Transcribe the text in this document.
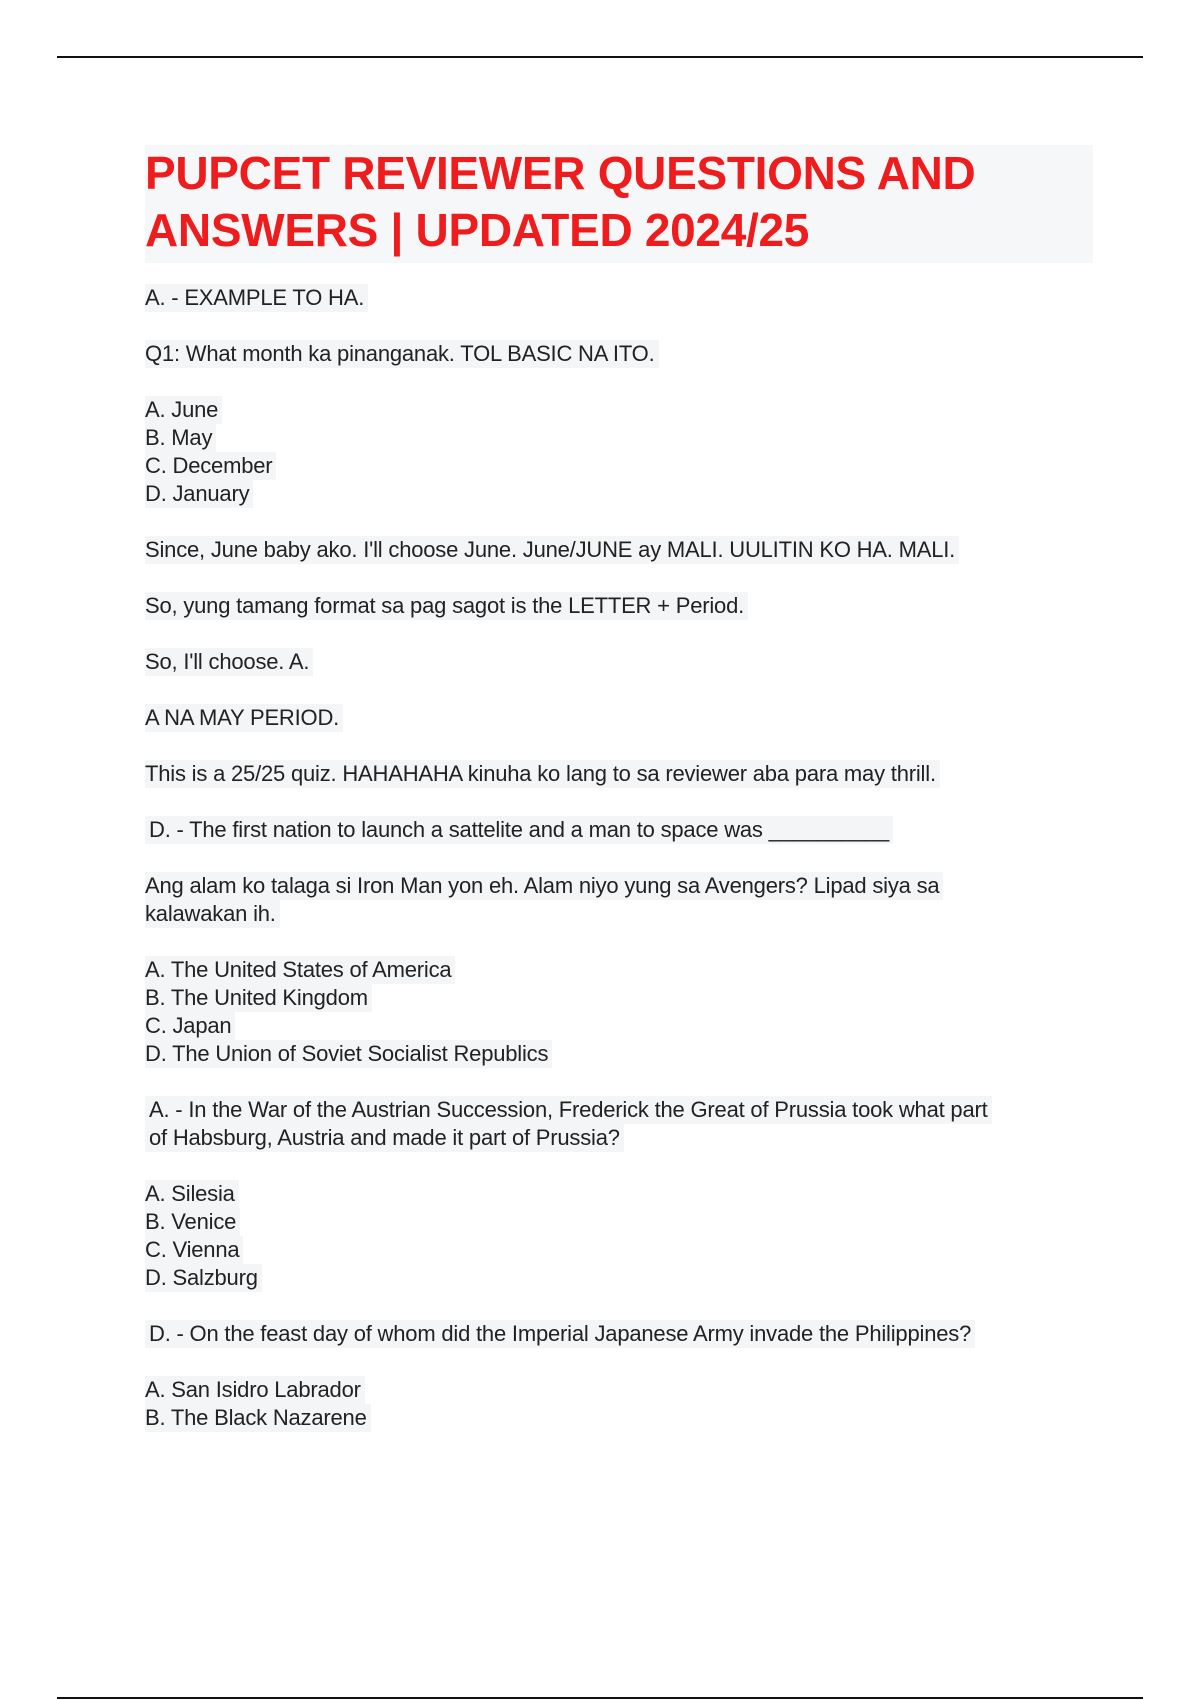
PUPCET REVIEWER QUESTIONS AND
ANSWERS | UPDATED 2024/25

A. - EXAMPLE TO HA.

Q1: What month ka pinanganak. TOL BASIC NA ITO.

A. June
B. May
C. December
D. January

Since, June baby ako. I'll choose June. June/JUNE ay MALI. UULITIN KO HA. MALI.

So, yung tamang format sa pag sagot is the LETTER + Period.

So, I'll choose. A.

A NA MAY PERIOD.

This is a 25/25 quiz. HAHAHAHA kinuha ko lang to sa reviewer aba para may thrill.

D. - The first nation to launch a sattelite and a man to space was __________

Ang alam ko talaga si Iron Man yon eh. Alam niyo yung sa Avengers? Lipad siya sa
kalawakan ih.
A. The United States of America
B. The United Kingdom
C. Japan
D. The Union of Soviet Socialist Republics
A. - In the War of the Austrian Succession, Frederick the Great of Prussia took what part
of Habsburg, Austria and made it part of Prussia?
A. Silesia
B. Venice
C. Vienna
D. Salzburg

D. - On the feast day of whom did the Imperial Japanese Army invade the Philippines?

A. San Isidro Labrador
B. The Black Nazarene
